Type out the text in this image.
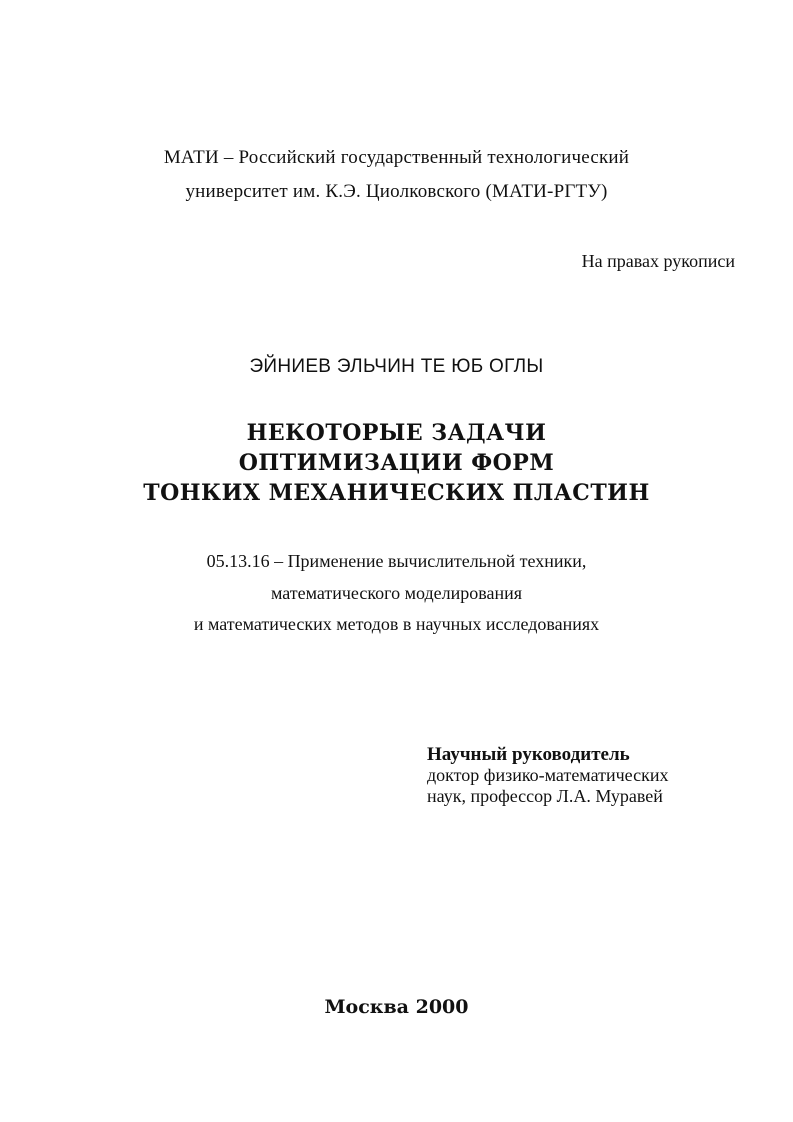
МАТИ – Российский государственный технологический
университет им. К.Э. Циолковского (МАТИ-РГТУ)
На правах рукописи
ЭЙНИЕВ ЭЛЬЧИН ТЕ ЮБ ОГЛЫ
НЕКОТОРЫЕ ЗАДАЧИ
ОПТИМИЗАЦИИ ФОРМ
ТОНКИХ МЕХАНИЧЕСКИХ ПЛАСТИН
05.13.16 – Применение вычислительной техники,
математического моделирования
и математических методов в научных исследованиях
Научный руководитель
доктор физико-математических
наук, профессор Л.А. Муравей
Москва 2000
